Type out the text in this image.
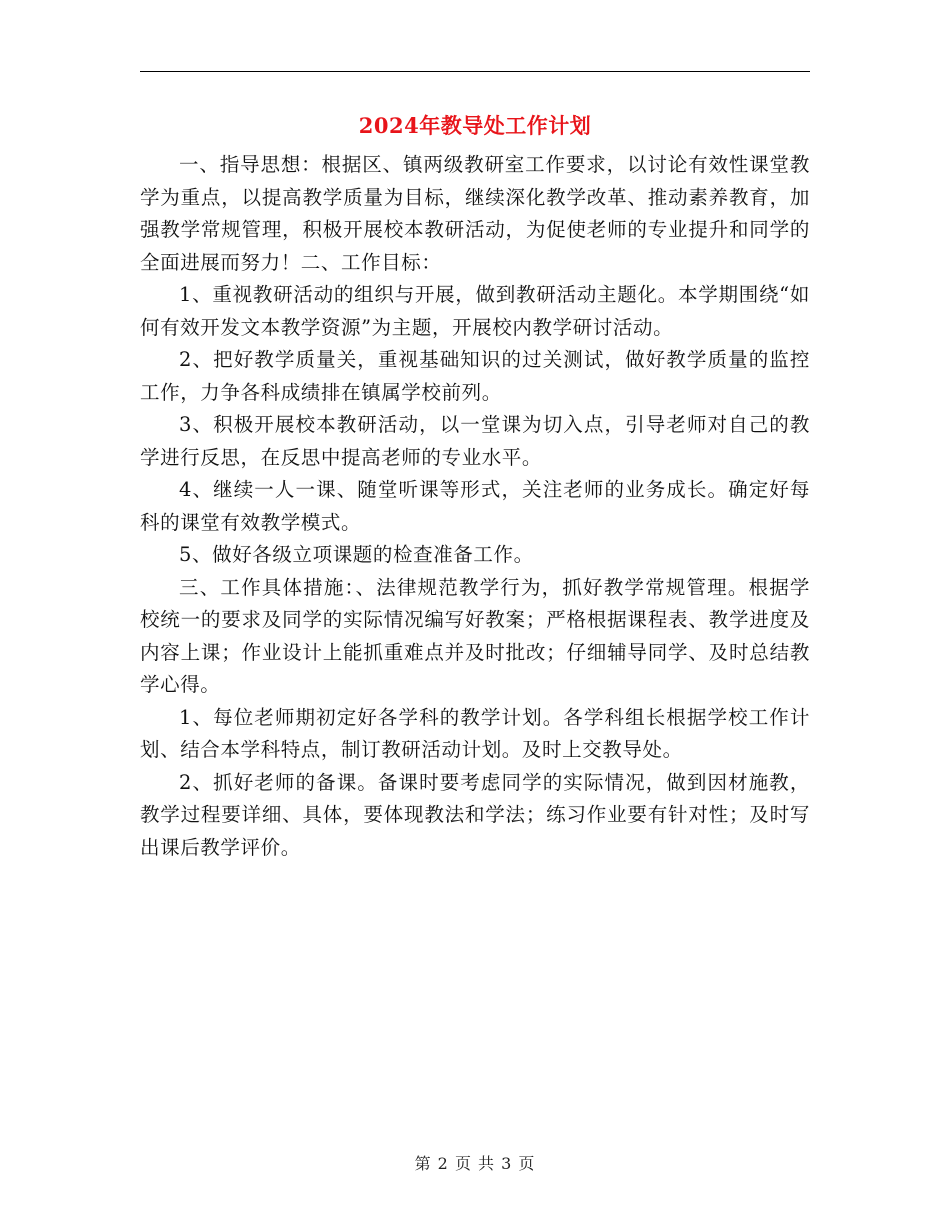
2024年教导处工作计划

一、指导思想：根据区、镇两级教研室工作要求，以讨论有效性课堂教学为重点，以提高教学质量为目标，继续深化教学改革、推动素养教育，加强教学常规管理，积极开展校本教研活动，为促使老师的专业提升和同学的全面进展而努力！二、工作目标：

1、重视教研活动的组织与开展，做到教研活动主题化。本学期围绕“如何有效开发文本教学资源”为主题，开展校内教学研讨活动。

2、把好教学质量关，重视基础知识的过关测试，做好教学质量的监控工作，力争各科成绩排在镇属学校前列。

3、积极开展校本教研活动，以一堂课为切入点，引导老师对自己的教学进行反思，在反思中提高老师的专业水平。

4、继续一人一课、随堂听课等形式，关注老师的业务成长。确定好每科的课堂有效教学模式。

5、做好各级立项课题的检查准备工作。

三、工作具体措施：、法律规范教学行为，抓好教学常规管理。根据学校统一的要求及同学的实际情况编写好教案；严格根据课程表、教学进度及内容上课；作业设计上能抓重难点并及时批改；仔细辅导同学、及时总结教学心得。

1、每位老师期初定好各学科的教学计划。各学科组长根据学校工作计划、结合本学科特点，制订教研活动计划。及时上交教导处。

2、抓好老师的备课。备课时要考虑同学的实际情况，做到因材施教，教学过程要详细、具体，要体现教法和学法；练习作业要有针对性；及时写出课后教学评价。

第 2 页 共 3 页
